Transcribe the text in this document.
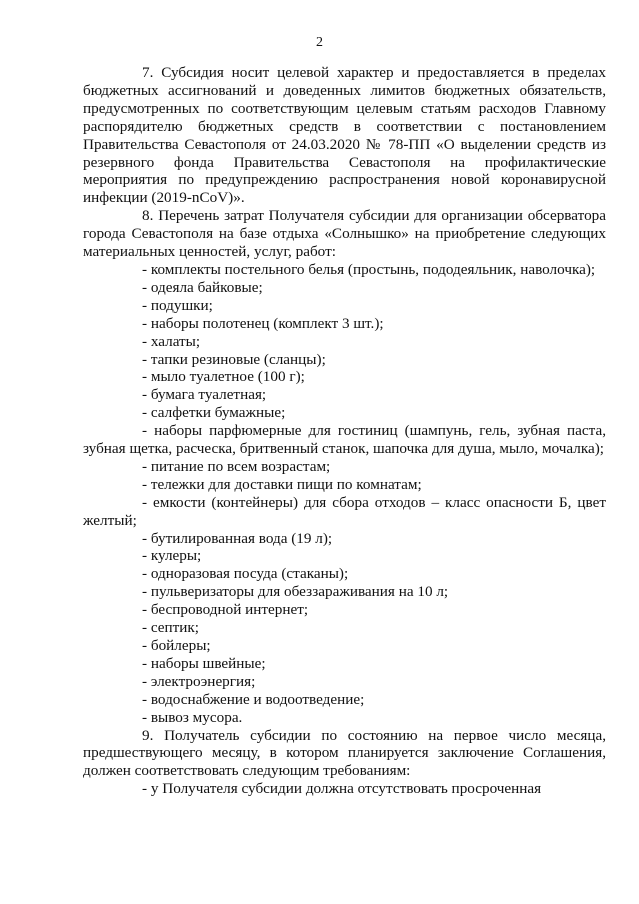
2

7. Субсидия носит целевой характер и предоставляется в пределах бюджетных ассигнований и доведенных лимитов бюджетных обязательств, предусмотренных по соответствующим целевым статьям расходов Главному распорядителю бюджетных средств в соответствии с постановлением Правительства Севастополя от 24.03.2020 № 78-ПП «О выделении средств из резервного фонда Правительства Севастополя на профилактические мероприятия по предупреждению распространения новой коронавирусной инфекции (2019-nCoV)».

8. Перечень затрат Получателя субсидии для организации обсерватора города Севастополя на базе отдыха «Солнышко» на приобретение следующих материальных ценностей, услуг, работ:

- комплекты постельного белья (простынь, пододеяльник, наволочка);
- одеяла байковые;
- подушки;
- наборы полотенец (комплект 3 шт.);
- халаты;
- тапки резиновые (сланцы);
- мыло туалетное (100 г);
- бумага туалетная;
- салфетки бумажные;
- наборы парфюмерные для гостиниц (шампунь, гель, зубная паста, зубная щетка, расческа, бритвенный станок, шапочка для душа, мыло, мочалка);
- питание по всем возрастам;
- тележки для доставки пищи по комнатам;
- емкости (контейнеры) для сбора отходов – класс опасности Б, цвет желтый;
- бутилированная вода (19 л);
- кулеры;
- одноразовая посуда (стаканы);
- пульверизаторы для обеззараживания на 10 л;
- беспроводной интернет;
- септик;
- бойлеры;
- наборы швейные;
- электроэнергия;
- водоснабжение и водоотведение;
- вывоз мусора.

9. Получатель субсидии по состоянию на первое число месяца, предшествующего месяцу, в котором планируется заключение Соглашения, должен соответствовать следующим требованиям:

- у Получателя субсидии должна отсутствовать просроченная
